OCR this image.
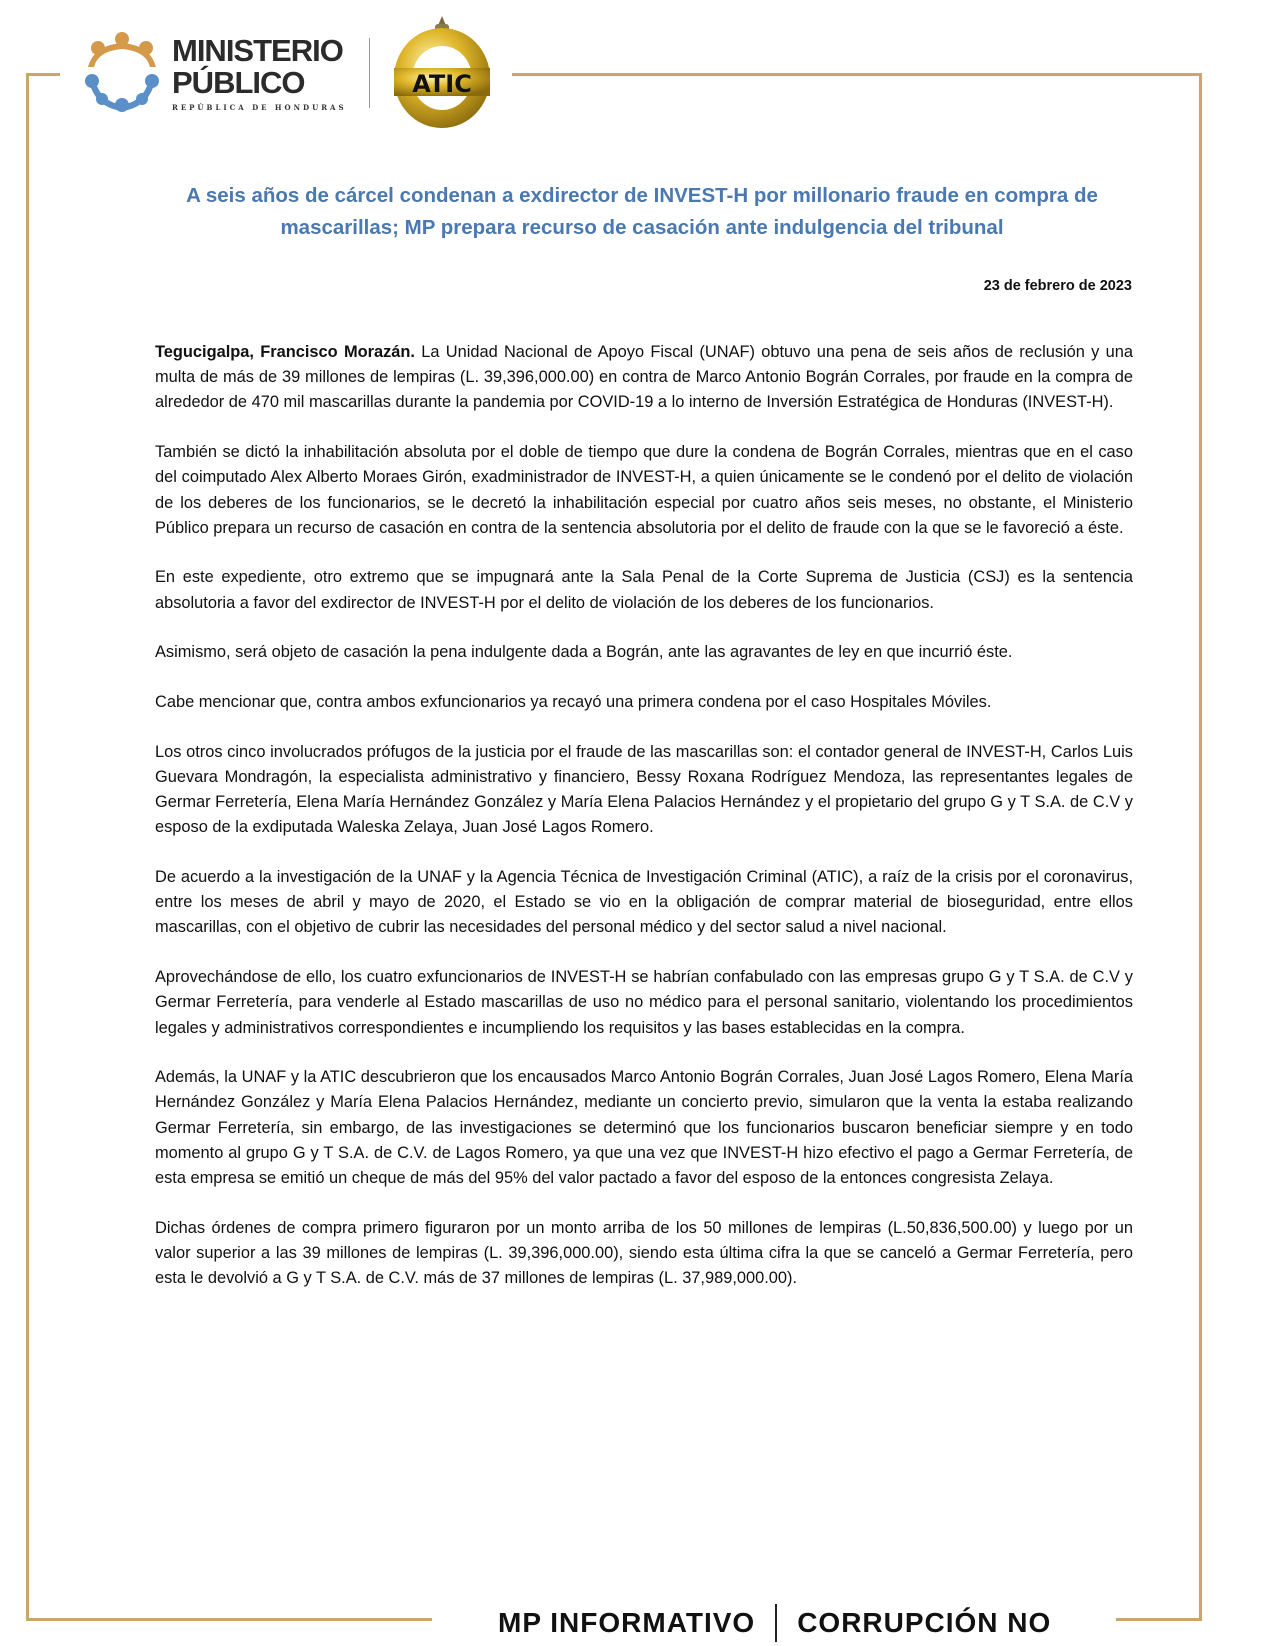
MINISTERIO
PÚBLICO
REPÚBLICA DE HONDURAS
ATIC
A seis años de cárcel condenan a exdirector de INVEST-H por millonario fraude en compra de mascarillas; MP prepara recurso de casación ante indulgencia del tribunal
23 de febrero de 2023

Tegucigalpa, Francisco Morazán. La Unidad Nacional de Apoyo Fiscal (UNAF) obtuvo una pena de seis años de reclusión y una multa de más de 39 millones de lempiras (L. 39,396,000.00) en contra de Marco Antonio Bográn Corrales, por fraude en la compra de alrededor de 470 mil mascarillas durante la pandemia por COVID-19 a lo interno de Inversión Estratégica de Honduras (INVEST-H).

También se dictó la inhabilitación absoluta por el doble de tiempo que dure la condena de Bográn Corrales, mientras que en el caso del coimputado Alex Alberto Moraes Girón, exadministrador de INVEST-H, a quien únicamente se le condenó por el delito de violación de los deberes de los funcionarios, se le decretó la inhabilitación especial por cuatro años seis meses, no obstante, el Ministerio Público prepara un recurso de casación en contra de la sentencia absolutoria por el delito de fraude con la que se le favoreció a éste.

En este expediente, otro extremo que se impugnará ante la Sala Penal de la Corte Suprema de Justicia (CSJ) es la sentencia absolutoria a favor del exdirector de INVEST-H por el delito de violación de los deberes de los funcionarios.

Asimismo, será objeto de casación la pena indulgente dada a Bográn, ante las agravantes de ley en que incurrió éste.

Cabe mencionar que, contra ambos exfuncionarios ya recayó una primera condena por el caso Hospitales Móviles.

Los otros cinco involucrados prófugos de la justicia por el fraude de las mascarillas son: el contador general de INVEST-H, Carlos Luis Guevara Mondragón, la especialista administrativo y financiero, Bessy Roxana Rodríguez Mendoza, las representantes legales de Germar Ferretería, Elena María Hernández González y María Elena Palacios Hernández y el propietario del grupo G y T S.A. de C.V y esposo de la exdiputada Waleska Zelaya, Juan José Lagos Romero.

De acuerdo a la investigación de la UNAF y la Agencia Técnica de Investigación Criminal (ATIC), a raíz de la crisis por el coronavirus, entre los meses de abril y mayo de 2020, el Estado se vio en la obligación de comprar material de bioseguridad, entre ellos mascarillas, con el objetivo de cubrir las necesidades del personal médico y del sector salud a nivel nacional.

Aprovechándose de ello, los cuatro exfuncionarios de INVEST-H se habrían confabulado con las empresas grupo G y T S.A. de C.V y Germar Ferretería, para venderle al Estado mascarillas de uso no médico para el personal sanitario, violentando los procedimientos legales y administrativos correspondientes e incumpliendo los requisitos y las bases establecidas en la compra.

Además, la UNAF y la ATIC descubrieron que los encausados Marco Antonio Bográn Corrales, Juan José Lagos Romero, Elena María Hernández González y María Elena Palacios Hernández, mediante un concierto previo, simularon que la venta la estaba realizando Germar Ferretería, sin embargo, de las investigaciones se determinó que los funcionarios buscaron beneficiar siempre y en todo momento al grupo G y T S.A. de C.V. de Lagos Romero, ya que una vez que INVEST-H hizo efectivo el pago a Germar Ferretería, de esta empresa se emitió un cheque de más del 95% del valor pactado a favor del esposo de la entonces congresista Zelaya.

Dichas órdenes de compra primero figuraron por un monto arriba de los 50 millones de lempiras (L.50,836,500.00) y luego por un valor superior a las 39 millones de lempiras (L. 39,396,000.00), siendo esta última cifra la que se canceló a Germar Ferretería, pero esta le devolvió a G y T S.A. de C.V. más de 37 millones de lempiras (L. 37,989,000.00).

MP INFORMATIVO CORRUPCIÓN NO
